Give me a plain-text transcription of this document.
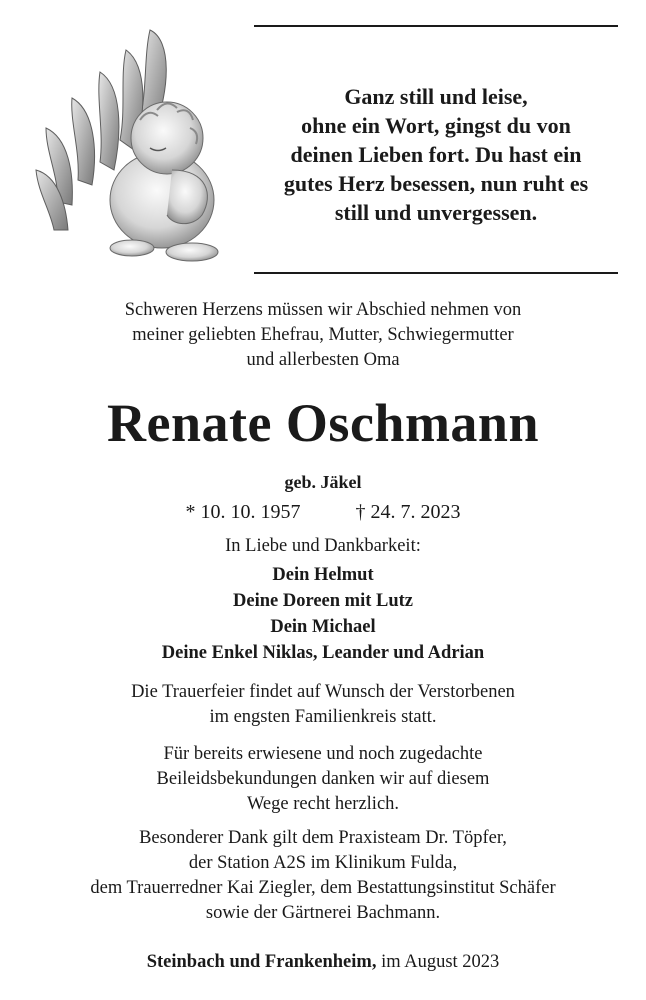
Ganz still und leise,
ohne ein Wort, gingst du von
deinen Lieben fort. Du hast ein
gutes Herz besessen, nun ruht es
still und unvergessen.
Schweren Herzens müssen wir Abschied nehmen von
meiner geliebten Ehefrau, Mutter, Schwiegermutter
und allerbesten Oma
Renate Oschmann
geb. Jäkel
* 10. 10. 1957	† 24. 7. 2023
In Liebe und Dankbarkeit:
Dein Helmut
Deine Doreen mit Lutz
Dein Michael
Deine Enkel Niklas, Leander und Adrian
Die Trauerfeier findet auf Wunsch der Verstorbenen
im engsten Familienkreis statt.
Für bereits erwiesene und noch zugedachte
Beileidsbekundungen danken wir auf diesem
Wege recht herzlich.
Besonderer Dank gilt dem Praxisteam Dr. Töpfer,
der Station A2S im Klinikum Fulda,
dem Trauerredner Kai Ziegler, dem Bestattungsinstitut Schäfer
sowie der Gärtnerei Bachmann.
Steinbach und Frankenheim, im August 2023
